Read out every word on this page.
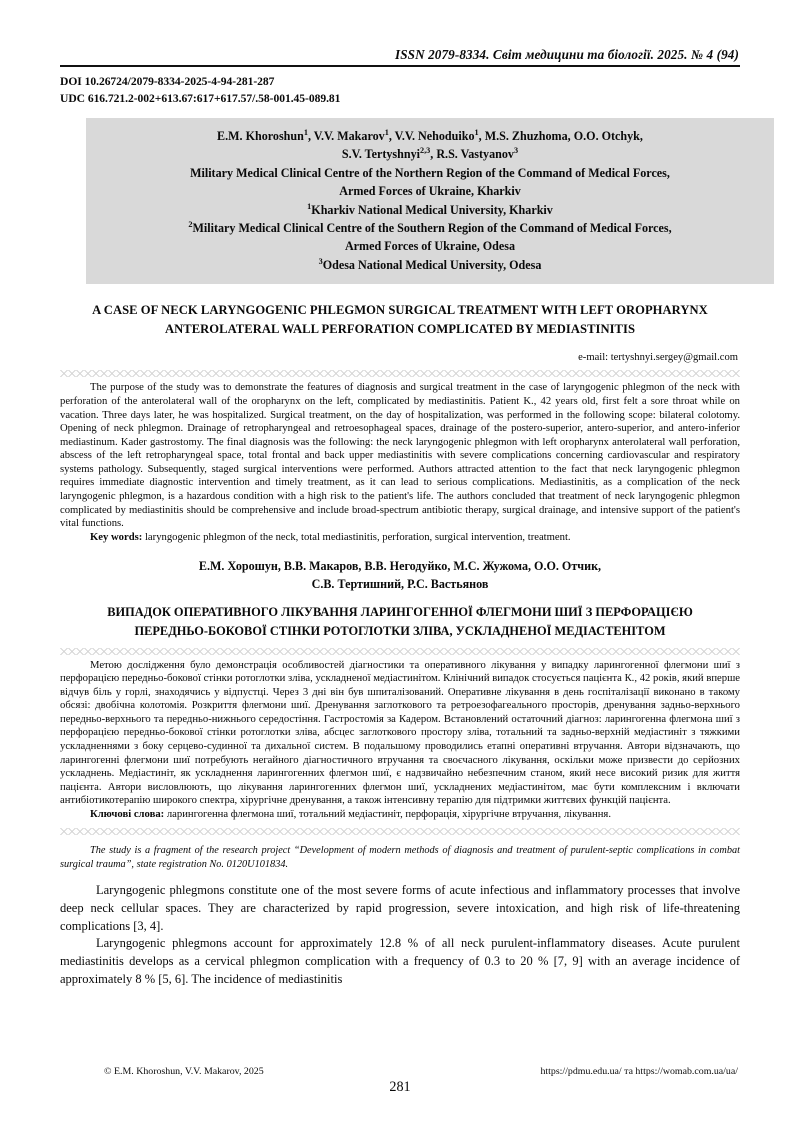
ISSN 2079-8334. Світ медицини та біології. 2025. № 4 (94)
DOI 10.26724/2079-8334-2025-4-94-281-287
UDC 616.721.2-002+613.67:617+617.57/.58-001.45-089.81
E.M. Khoroshun$^1$, V.V. Makarov$^1$, V.V. Nehoduiko$^1$, M.S. Zhuzhoma, O.O. Otchyk,
S.V. Tertyshnyi$^{2,3}$, R.S. Vastyanov$^3$
Military Medical Clinical Centre of the Northern Region of the Command of Medical Forces,
Armed Forces of Ukraine, Kharkiv
$^1$Kharkiv National Medical University, Kharkiv
$^2$Military Medical Clinical Centre of the Southern Region of the Command of Medical Forces,
Armed Forces of Ukraine, Odesa
$^3$Odesa National Medical University, Odesa
A CASE OF NECK LARYNGOGENIC PHLEGMON SURGICAL TREATMENT WITH LEFT OROPHARYNX ANTEROLATERAL WALL PERFORATION COMPLICATED BY MEDIASTINITIS
e-mail: tertyshnyi.sergey@gmail.com

The purpose of the study was to demonstrate the features of diagnosis and surgical treatment in the case of laryngogenic phlegmon of the neck with perforation of the anterolateral wall of the oropharynx on the left, complicated by mediastinitis. Patient K., 42 years old, first felt a sore throat while on vacation. Three days later, he was hospitalized. Surgical treatment, on the day of hospitalization, was performed in the following scope: bilateral colotomy. Opening of neck phlegmon. Drainage of retropharyngeal and retroesophageal spaces, drainage of the postero-superior, antero-superior, and antero-inferior mediastinum. Kader gastrostomy. The final diagnosis was the following: the neck laryngogenic phlegmon with left oropharynx anterolateral wall perforation, abscess of the left retropharyngeal space, total frontal and back upper mediastinitis with severe complications concerning cardiovascular and respiratory systems pathology. Subsequently, staged surgical interventions were performed. Authors attracted attention to the fact that neck laryngogenic phlegmon requires immediate diagnostic intervention and timely treatment, as it can lead to serious complications. Mediastinitis, as a complication of the neck laryngogenic phlegmon, is a hazardous condition with a high risk to the patient's life. The authors concluded that treatment of neck laryngogenic phlegmon complicated by mediastinitis should be comprehensive and include broad-spectrum antibiotic therapy, surgical drainage, and intensive support of the patient's vital functions.

Key words: laryngogenic phlegmon of the neck, total mediastinitis, perforation, surgical intervention, treatment.

Е.М. Хорошун, В.В. Макаров, В.В. Негодуйко, М.С. Жужома, О.О. Отчик,
С.В. Тертишний, Р.С. Вастьянов
ВИПАДОК ОПЕРАТИВНОГО ЛІКУВАННЯ ЛАРИНГОГЕННОЇ ФЛЕГМОНИ ШИЇ З ПЕРФОРАЦІЄЮ ПЕРЕДНЬО-БОКОВОЇ СТІНКИ РОТОГЛОТКИ ЗЛІВА, УСКЛАДНЕНОЇ МЕДІАСТЕНІТОМ

Метою дослідження було демонстрація особливостей діагностики та оперативного лікування у випадку ларингогенної флегмони шиї з перфорацією передньо-бокової стінки ротоглотки зліва, ускладненої медіастинітом. Клінічний випадок стосується пацієнта К., 42 років, який вперше відчув біль у горлі, знаходячись у відпустці. Через 3 дні він був шпиталізований. Оперативне лікування в день госпіталізації виконано в такому обсязі: двобічна колотомія. Розкриття флегмони шиї. Дренування заглоткового та ретроезофагеального просторів, дренування задньо-верхнього передньо-верхнього та передньо-нижнього середостіння. Гастростомія за Кадером. Встановлений остаточний діагноз: ларингогенна флегмона шиї з перфорацією передньо-бокової стінки ротоглотки зліва, абсцес заглоткового простору зліва, тотальний та задньо-верхній медіастиніт з тяжкими ускладненнями з боку серцево-судинної та дихальної систем. В подальшому проводились етапні оперативні втручання. Автори відзначають, що ларингогенні флегмони шиї потребують негайного діагностичного втручання та своєчасного лікування, оскільки може призвести до серйозних ускладнень. Медіастиніт, як ускладнення ларингогенних флегмон шиї, є надзвичайно небезпечним станом, який несе високий ризик для життя пацієнта. Автори висловлюють, що лікування ларингогенних флегмон шиї, ускладнених медіастинітом, має бути комплексним і включати антибіотикотерапію широкого спектра, хірургічне дренування, а також інтенсивну терапію для підтримки життєвих функцій пацієнта.

Ключові слова: ларингогенна флегмона шиї, тотальний медіастиніт, перфорація, хірургічне втручання, лікування.

The study is a fragment of the research project “Development of modern methods of diagnosis and treatment of purulent-septic complications in combat surgical trauma”, state registration No. 0120U101834.

Laryngogenic phlegmons constitute one of the most severe forms of acute infectious and inflammatory processes that involve deep neck cellular spaces. They are characterized by rapid progression, severe intoxication, and high risk of life-threatening complications [3, 4].

Laryngogenic phlegmons account for approximately 12.8 % of all neck purulent-inflammatory diseases. Acute purulent mediastinitis develops as a cervical phlegmon complication with a frequency of 0.3 to 20 % [7, 9] with an average incidence of approximately 8 % [5, 6]. The incidence of mediastinitis

© E.M. Khoroshun, V.V. Makarov, 2025	https://pdmu.edu.ua/ та https://womab.com.ua/ua/
281
